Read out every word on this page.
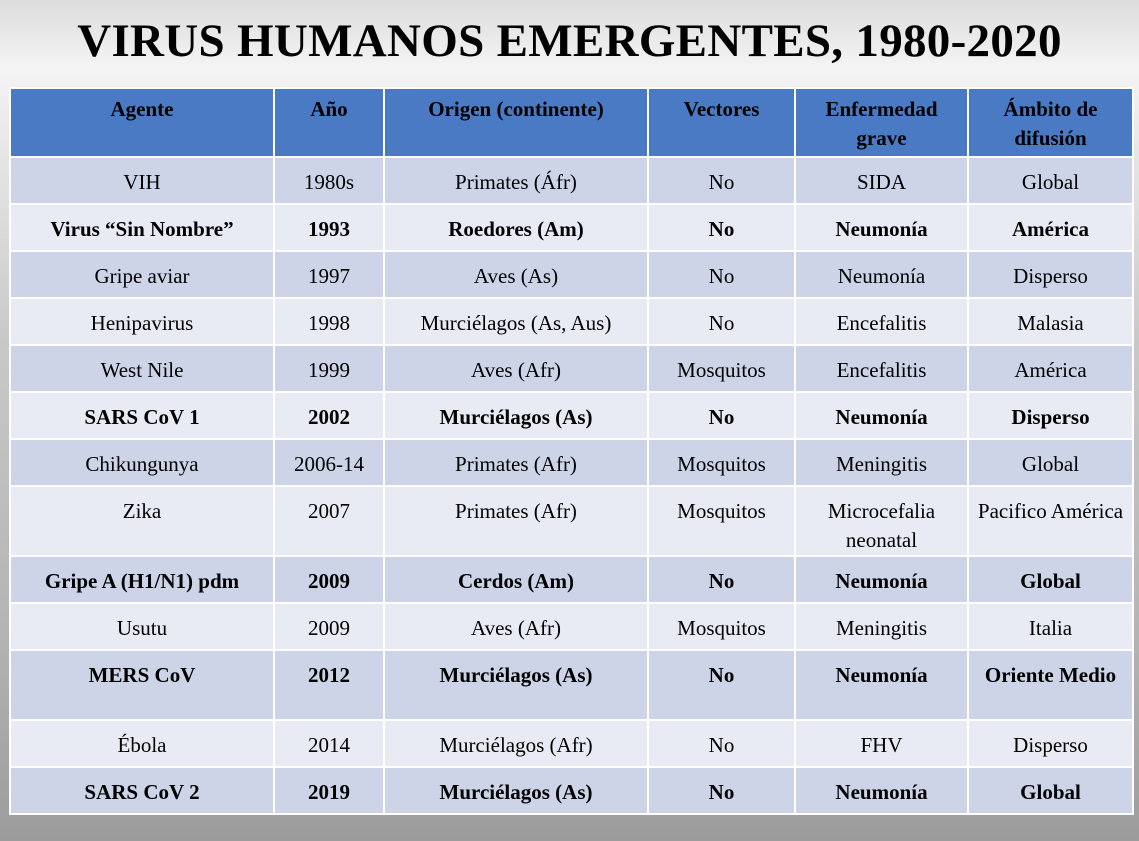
VIRUS HUMANOS EMERGENTES, 1980-2020
Agente	Año	Origen (continente)	Vectores	Enfermedad grave	Ámbito de difusión
VIH	1980s	Primates (Áfr)	No	SIDA	Global
Virus “Sin Nombre”	1993	Roedores (Am)	No	Neumonía	América
Gripe aviar	1997	Aves (As)	No	Neumonía	Disperso
Henipavirus	1998	Murciélagos (As, Aus)	No	Encefalitis	Malasia
West Nile	1999	Aves (Afr)	Mosquitos	Encefalitis	América
SARS CoV 1	2002	Murciélagos (As)	No	Neumonía	Disperso
Chikungunya	2006-14	Primates (Afr)	Mosquitos	Meningitis	Global
Zika	2007	Primates (Afr)	Mosquitos	Microcefalia neonatal	Pacifico América
Gripe A (H1/N1) pdm	2009	Cerdos (Am)	No	Neumonía	Global
Usutu	2009	Aves (Afr)	Mosquitos	Meningitis	Italia
MERS CoV	2012	Murciélagos (As)	No	Neumonía	Oriente Medio
Ébola	2014	Murciélagos (Afr)	No	FHV	Disperso
SARS CoV 2	2019	Murciélagos (As)	No	Neumonía	Global
